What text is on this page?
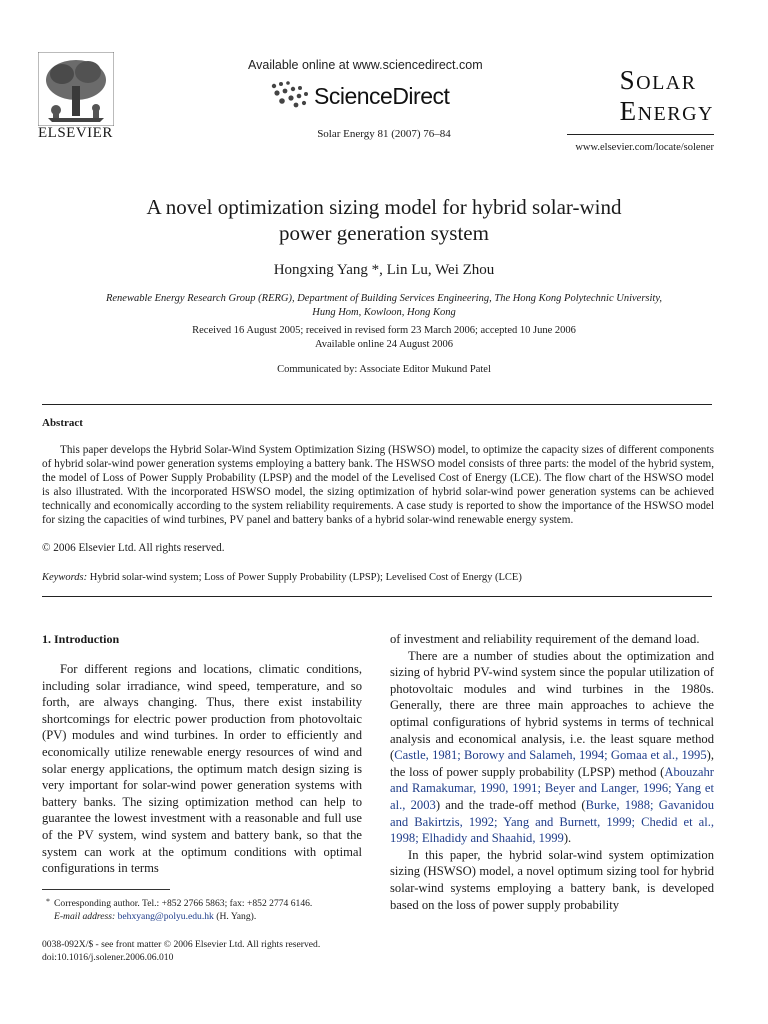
ELSEVIER
Available online at www.sciencedirect.com
ScienceDirect
Solar Energy 81 (2007) 76–84
SOLAR
ENERGY
www.elsevier.com/locate/solener
A novel optimization sizing model for hybrid solar-wind
power generation system
Hongxing Yang *, Lin Lu, Wei Zhou
Renewable Energy Research Group (RERG), Department of Building Services Engineering, The Hong Kong Polytechnic University,
Hung Hom, Kowloon, Hong Kong
Received 16 August 2005; received in revised form 23 March 2006; accepted 10 June 2006
Available online 24 August 2006
Communicated by: Associate Editor Mukund Patel
Abstract

This paper develops the Hybrid Solar-Wind System Optimization Sizing (HSWSO) model, to optimize the capacity sizes of different components of hybrid solar-wind power generation systems employing a battery bank. The HSWSO model consists of three parts: the model of the hybrid system, the model of Loss of Power Supply Probability (LPSP) and the model of the Levelised Cost of Energy (LCE). The flow chart of the HSWSO model is also illustrated. With the incorporated HSWSO model, the sizing optimization of hybrid solar-wind power generation systems can be achieved technically and economically according to the system reliability requirements. A case study is reported to show the importance of the HSWSO model for sizing the capacities of wind turbines, PV panel and battery banks of a hybrid solar-wind renewable energy system.

© 2006 Elsevier Ltd. All rights reserved.
Keywords: Hybrid solar-wind system; Loss of Power Supply Probability (LPSP); Levelised Cost of Energy (LCE)
1. Introduction

For different regions and locations, climatic conditions, including solar irradiance, wind speed, temperature, and so forth, are always changing. Thus, there exist instability shortcomings for electric power production from photovoltaic (PV) modules and wind turbines. In order to efficiently and economically utilize renewable energy resources of wind and solar energy applications, the optimum match design sizing is very important for solar-wind power generation systems with battery banks. The sizing optimization method can help to guarantee the lowest investment with a reasonable and full use of the PV system, wind system and battery bank, so that the system can work at the optimum conditions with optimal configurations in terms

of investment and reliability requirement of the demand load.

There are a number of studies about the optimization and sizing of hybrid PV-wind system since the popular utilization of photovoltaic modules and wind turbines in the 1980s. Generally, there are three main approaches to achieve the optimal configurations of hybrid systems in terms of technical analysis and economical analysis, i.e. the least square method (Castle, 1981; Borowy and Salameh, 1994; Gomaa et al., 1995), the loss of power supply probability (LPSP) method (Abouzahr and Ramakumar, 1990, 1991; Beyer and Langer, 1996; Yang et al., 2003) and the trade-off method (Burke, 1988; Gavanidou and Bakirtzis, 1992; Yang and Burnett, 1999; Chedid et al., 1998; Elhadidy and Shaahid, 1999).

In this paper, the hybrid solar-wind system optimization sizing (HSWSO) model, a novel optimum sizing tool for hybrid solar-wind systems employing a battery bank, is developed based on the loss of power supply probability

* Corresponding author. Tel.: +852 2766 5863; fax: +852 2774 6146.
E-mail address: behxyang@polyu.edu.hk (H. Yang).
0038-092X/$ - see front matter © 2006 Elsevier Ltd. All rights reserved.
doi:10.1016/j.solener.2006.06.010
